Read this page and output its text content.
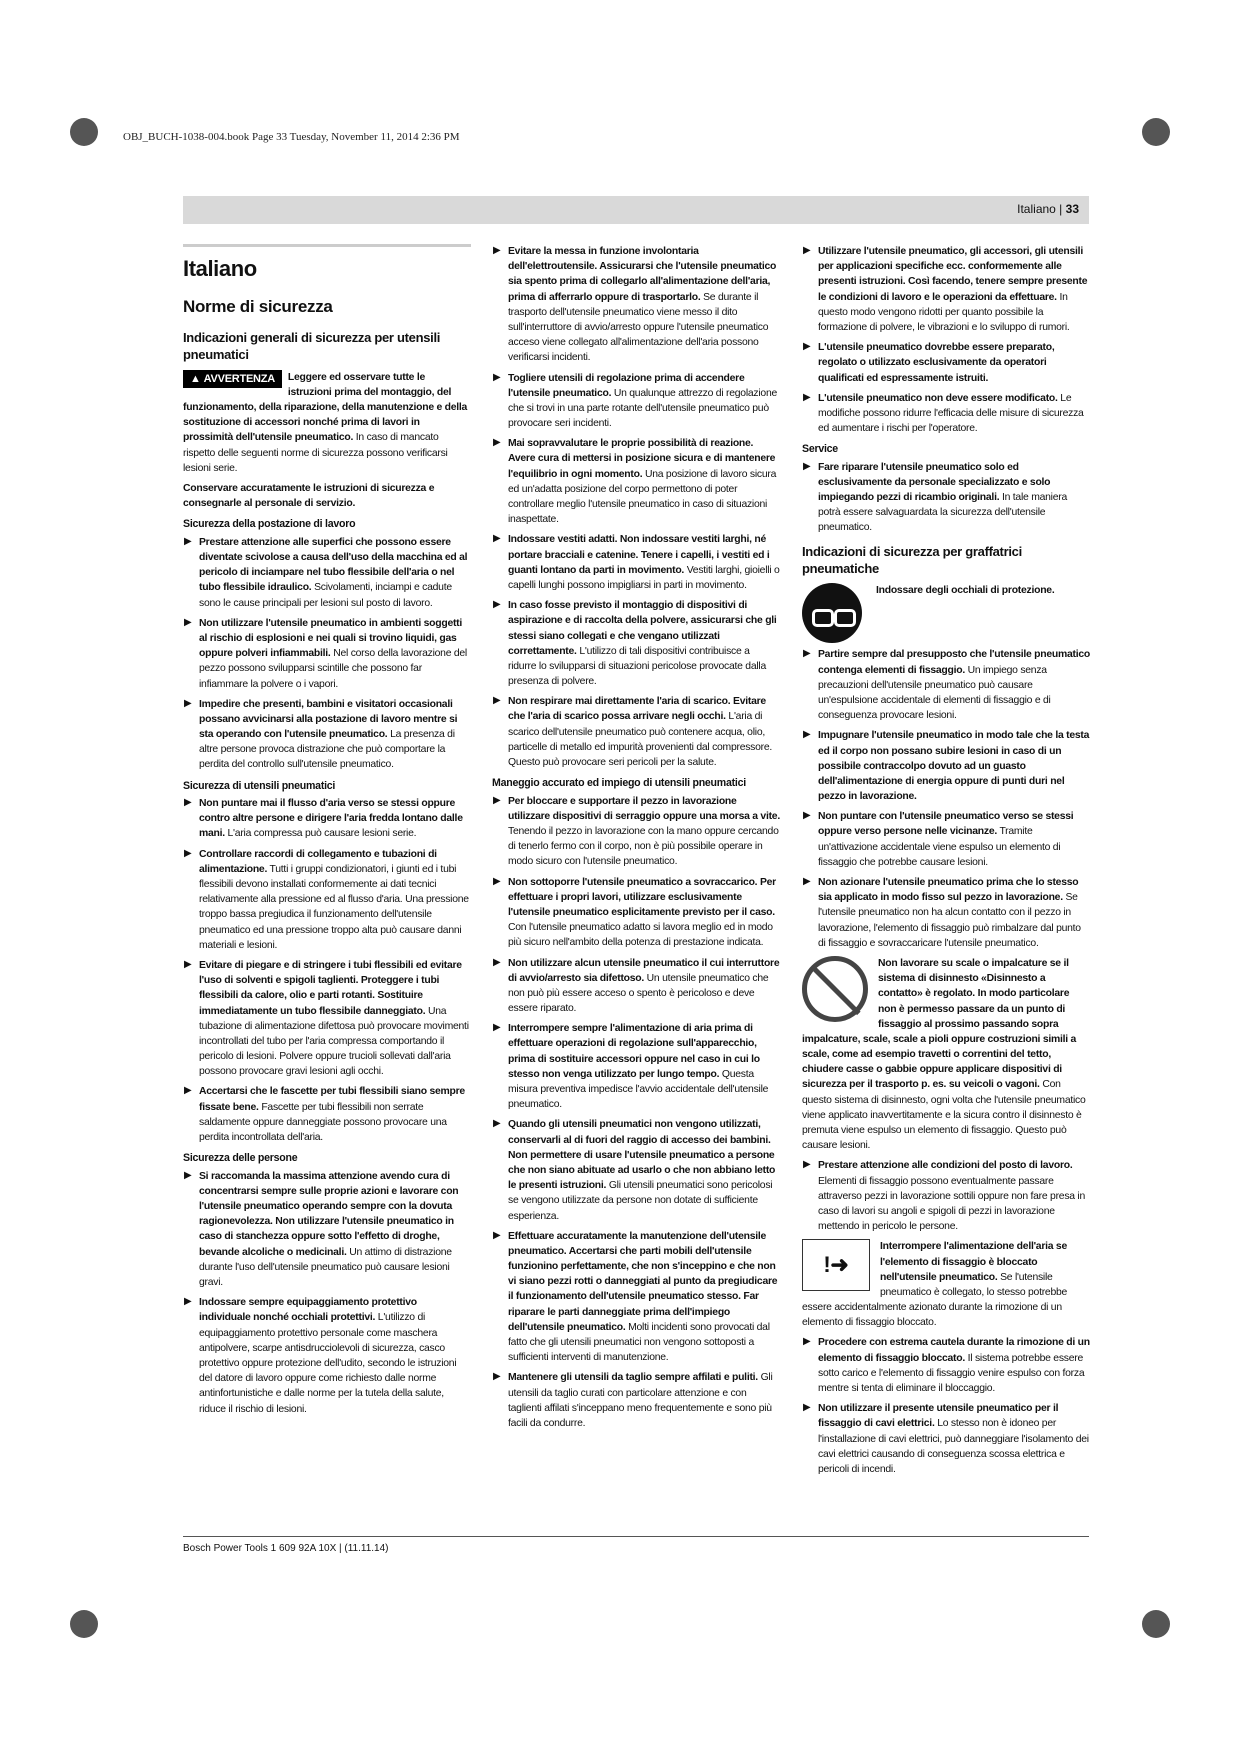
OBJ_BUCH-1038-004.book Page 33 Tuesday, November 11, 2014 2:36 PM
Italiano | 33
Italiano
Norme di sicurezza
Indicazioni generali di sicurezza per utensili pneumatici

▲ AVVERTENZA	Leggere ed osservare tutte le istruzioni prima del montaggio, del funzionamento, della riparazione, della manutenzione e della sostituzione di accessori nonché prima di lavori in prossimità dell'utensile pneumatico. In caso di mancato rispetto delle seguenti norme di sicurezza possono verificarsi lesioni serie.

Conservare accuratamente le istruzioni di sicurezza e consegnarle al personale di servizio.

Sicurezza della postazione di lavoro
▶ Prestare attenzione alle superfici che possono essere diventate scivolose a causa dell'uso della macchina ed al pericolo di inciampare nel tubo flessibile dell'aria o nel tubo flessibile idraulico. Scivolamenti, inciampi e cadute sono le cause principali per lesioni sul posto di lavoro.
▶ Non utilizzare l'utensile pneumatico in ambienti soggetti al rischio di esplosioni e nei quali si trovino liquidi, gas oppure polveri infiammabili. Nel corso della lavorazione del pezzo possono svilupparsi scintille che possono far infiammare la polvere o i vapori.
▶ Impedire che presenti, bambini e visitatori occasionali possano avvicinarsi alla postazione di lavoro mentre si sta operando con l'utensile pneumatico. La presenza di altre persone provoca distrazione che può comportare la perdita del controllo sull'utensile pneumatico.
Sicurezza di utensili pneumatici
▶ Non puntare mai il flusso d'aria verso se stessi oppure contro altre persone e dirigere l'aria fredda lontano dalle mani. L'aria compressa può causare lesioni serie.
▶ Controllare raccordi di collegamento e tubazioni di alimentazione. Tutti i gruppi condizionatori, i giunti ed i tubi flessibili devono installati conformemente ai dati tecnici relativamente alla pressione ed al flusso d'aria. Una pressione troppo bassa pregiudica il funzionamento dell'utensile pneumatico ed una pressione troppo alta può causare danni materiali e lesioni.
▶ Evitare di piegare e di stringere i tubi flessibili ed evitare l'uso di solventi e spigoli taglienti. Proteggere i tubi flessibili da calore, olio e parti rotanti. Sostituire immediatamente un tubo flessibile danneggiato. Una tubazione di alimentazione difettosa può provocare movimenti incontrollati del tubo per l'aria compressa comportando il pericolo di lesioni. Polvere oppure trucioli sollevati dall'aria possono provocare gravi lesioni agli occhi.
▶ Accertarsi che le fascette per tubi flessibili siano sempre fissate bene. Fascette per tubi flessibili non serrate saldamente oppure danneggiate possono provocare una perdita incontrollata dell'aria.
Sicurezza delle persone
▶ Si raccomanda la massima attenzione avendo cura di concentrarsi sempre sulle proprie azioni e lavorare con l'utensile pneumatico operando sempre con la dovuta ragionevolezza. Non utilizzare l'utensile pneumatico in caso di stanchezza oppure sotto l'effetto di droghe, bevande alcoliche o medicinali. Un attimo di distrazione durante l'uso dell'utensile pneumatico può causare lesioni gravi.
▶ Indossare sempre equipaggiamento protettivo individuale nonché occhiali protettivi. L'utilizzo di equipaggiamento protettivo personale come maschera antipolvere, scarpe antisdrucciolevoli di sicurezza, casco protettivo oppure protezione dell'udito, secondo le istruzioni del datore di lavoro oppure come richiesto dalle norme antinfortunistiche e dalle norme per la tutela della salute, riduce il rischio di lesioni.
▶ Evitare la messa in funzione involontaria dell'elettroutensile. Assicurarsi che l'utensile pneumatico sia spento prima di collegarlo all'alimentazione dell'aria, prima di afferrarlo oppure di trasportarlo. Se durante il trasporto dell'utensile pneumatico viene messo il dito sull'interruttore di avvio/arresto oppure l'utensile pneumatico acceso viene collegato all'alimentazione dell'aria possono verificarsi incidenti.
▶ Togliere utensili di regolazione prima di accendere l'utensile pneumatico. Un qualunque attrezzo di regolazione che si trovi in una parte rotante dell'utensile pneumatico può provocare seri incidenti.
▶ Mai sopravvalutare le proprie possibilità di reazione. Avere cura di mettersi in posizione sicura e di mantenere l'equilibrio in ogni momento. Una posizione di lavoro sicura ed un'adatta posizione del corpo permettono di poter controllare meglio l'utensile pneumatico in caso di situazioni inaspettate.
▶ Indossare vestiti adatti. Non indossare vestiti larghi, né portare bracciali e catenine. Tenere i capelli, i vestiti ed i guanti lontano da parti in movimento. Vestiti larghi, gioielli o capelli lunghi possono impigliarsi in parti in movimento.
▶ In caso fosse previsto il montaggio di dispositivi di aspirazione e di raccolta della polvere, assicurarsi che gli stessi siano collegati e che vengano utilizzati correttamente. L'utilizzo di tali dispositivi contribuisce a ridurre lo svilupparsi di situazioni pericolose provocate dalla presenza di polvere.
▶ Non respirare mai direttamente l'aria di scarico. Evitare che l'aria di scarico possa arrivare negli occhi. L'aria di scarico dell'utensile pneumatico può contenere acqua, olio, particelle di metallo ed impurità provenienti dal compressore. Questo può provocare seri pericoli per la salute.
Maneggio accurato ed impiego di utensili pneumatici
▶ Per bloccare e supportare il pezzo in lavorazione utilizzare dispositivi di serraggio oppure una morsa a vite. Tenendo il pezzo in lavorazione con la mano oppure cercando di tenerlo fermo con il corpo, non è più possibile operare in modo sicuro con l'utensile pneumatico.
▶ Non sottoporre l'utensile pneumatico a sovraccarico. Per effettuare i propri lavori, utilizzare esclusivamente l'utensile pneumatico esplicitamente previsto per il caso. Con l'utensile pneumatico adatto si lavora meglio ed in modo più sicuro nell'ambito della potenza di prestazione indicata.
▶ Non utilizzare alcun utensile pneumatico il cui interruttore di avvio/arresto sia difettoso. Un utensile pneumatico che non può più essere acceso o spento è pericoloso e deve essere riparato.
▶ Interrompere sempre l'alimentazione di aria prima di effettuare operazioni di regolazione sull'apparecchio, prima di sostituire accessori oppure nel caso in cui lo stesso non venga utilizzato per lungo tempo. Questa misura preventiva impedisce l'avvio accidentale dell'utensile pneumatico.
▶ Quando gli utensili pneumatici non vengono utilizzati, conservarli al di fuori del raggio di accesso dei bambini. Non permettere di usare l'utensile pneumatico a persone che non siano abituate ad usarlo o che non abbiano letto le presenti istruzioni. Gli utensili pneumatici sono pericolosi se vengono utilizzate da persone non dotate di sufficiente esperienza.
▶ Effettuare accuratamente la manutenzione dell'utensile pneumatico. Accertarsi che parti mobili dell'utensile funzionino perfettamente, che non s'inceppino e che non vi siano pezzi rotti o danneggiati al punto da pregiudicare il funzionamento dell'utensile pneumatico stesso. Far riparare le parti danneggiate prima dell'impiego dell'utensile pneumatico. Molti incidenti sono provocati dal fatto che gli utensili pneumatici non vengono sottoposti a sufficienti interventi di manutenzione.
▶ Mantenere gli utensili da taglio sempre affilati e puliti. Gli utensili da taglio curati con particolare attenzione e con taglienti affilati s'inceppano meno frequentemente e sono più facili da condurre.
▶ Utilizzare l'utensile pneumatico, gli accessori, gli utensili per applicazioni specifiche ecc. conformemente alle presenti istruzioni. Così facendo, tenere sempre presente le condizioni di lavoro e le operazioni da effettuare. In questo modo vengono ridotti per quanto possibile la formazione di polvere, le vibrazioni e lo sviluppo di rumori.
▶ L'utensile pneumatico dovrebbe essere preparato, regolato o utilizzato esclusivamente da operatori qualificati ed espressamente istruiti.
▶ L'utensile pneumatico non deve essere modificato. Le modifiche possono ridurre l'efficacia delle misure di sicurezza ed aumentare i rischi per l'operatore.
Service
▶ Fare riparare l'utensile pneumatico solo ed esclusivamente da personale specializzato e solo impiegando pezzi di ricambio originali. In tale maniera potrà essere salvaguardata la sicurezza dell'utensile pneumatico.
Indicazioni di sicurezza per graffatrici pneumatiche
Indossare degli occhiali di protezione.
▶ Partire sempre dal presupposto che l'utensile pneumatico contenga elementi di fissaggio. Un impiego senza precauzioni dell'utensile pneumatico può causare un'espulsione accidentale di elementi di fissaggio e di conseguenza provocare lesioni.
▶ Impugnare l'utensile pneumatico in modo tale che la testa ed il corpo non possano subire lesioni in caso di un possibile contraccolpo dovuto ad un guasto dell'alimentazione di energia oppure di punti duri nel pezzo in lavorazione.
▶ Non puntare con l'utensile pneumatico verso se stessi oppure verso persone nelle vicinanze. Tramite un'attivazione accidentale viene espulso un elemento di fissaggio che potrebbe causare lesioni.
▶ Non azionare l'utensile pneumatico prima che lo stesso sia applicato in modo fisso sul pezzo in lavorazione. Se l'utensile pneumatico non ha alcun contatto con il pezzo in lavorazione, l'elemento di fissaggio può rimbalzare dal punto di fissaggio e sovraccaricare l'utensile pneumatico.

Non lavorare su scale o impalcature se il sistema di disinnesto «Disinnesto a contatto» è regolato. In modo particolare non è permesso passare da un punto di fissaggio al prossimo passando sopra impalcature, scale, scale a pioli oppure costruzioni simili a scale, come ad esempio travetti o correntini del tetto, chiudere casse o gabbie oppure applicare dispositivi di sicurezza per il trasporto p. es. su veicoli o vagoni. Con questo sistema di disinnesto, ogni volta che l'utensile pneumatico viene applicato inavvertitamente e la sicura contro il disinnesto è premuta viene espulso un elemento di fissaggio. Questo può causare lesioni.

▶ Prestare attenzione alle condizioni del posto di lavoro. Elementi di fissaggio possono eventualmente passare attraverso pezzi in lavorazione sottili oppure non fare presa in caso di lavori su angoli e spigoli di pezzi in lavorazione mettendo in pericolo le persone.

!➜
Interrompere l'alimentazione dell'aria se l'elemento di fissaggio è bloccato nell'utensile pneumatico. Se l'utensile pneumatico è collegato, lo stesso potrebbe essere accidentalmente azionato durante la rimozione di un elemento di fissaggio bloccato.

▶ Procedere con estrema cautela durante la rimozione di un elemento di fissaggio bloccato. Il sistema potrebbe essere sotto carico e l'elemento di fissaggio venire espulso con forza mentre si tenta di eliminare il bloccaggio.
▶ Non utilizzare il presente utensile pneumatico per il fissaggio di cavi elettrici. Lo stesso non è idoneo per l'installazione di cavi elettrici, può danneggiare l'isolamento dei cavi elettrici causando di conseguenza scossa elettrica e pericoli di incendi.
Bosch Power Tools 1 609 92A 10X | (11.11.14)
